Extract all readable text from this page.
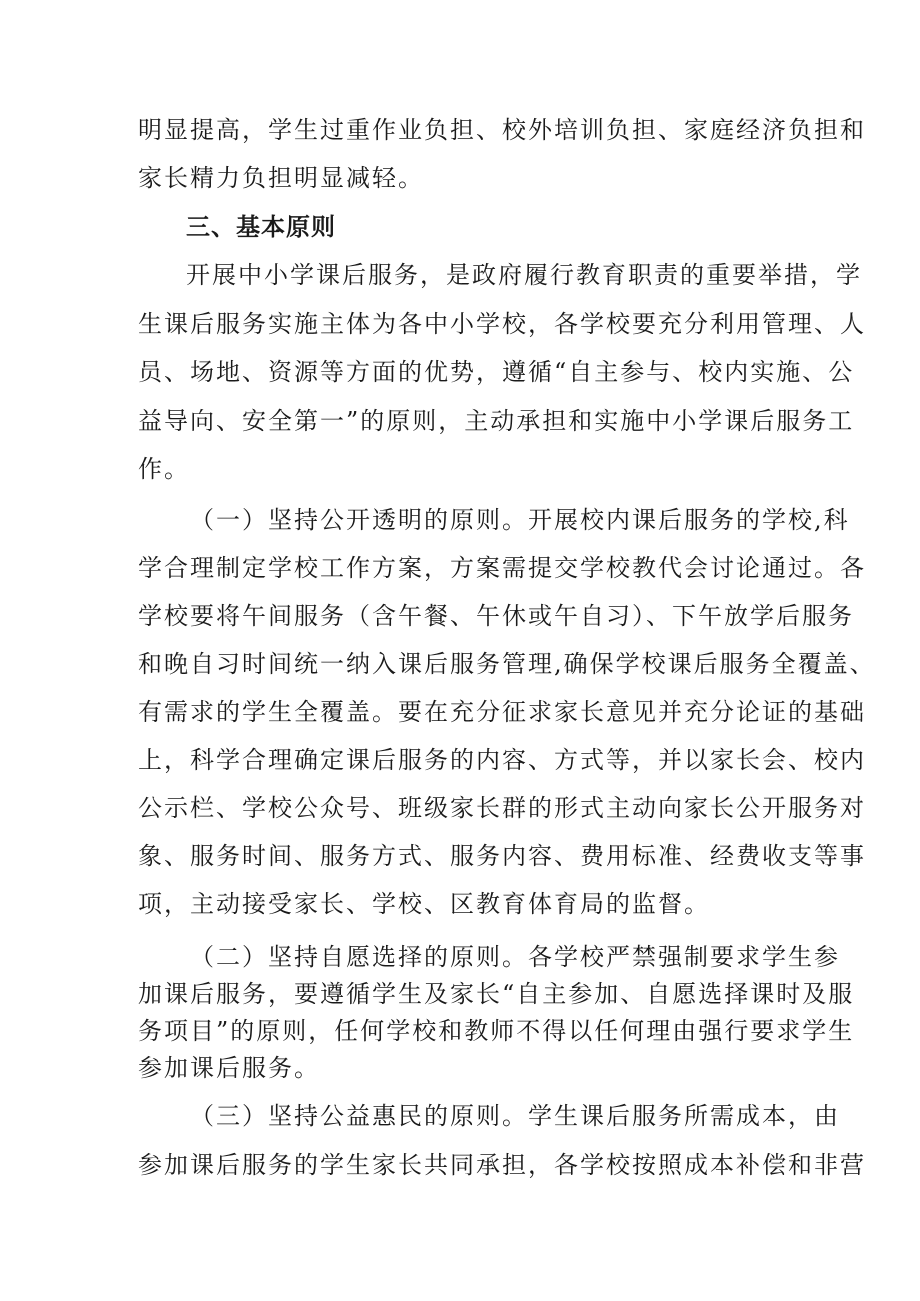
明显提高，学生过重作业负担、校外培训负担、家庭经济负担和

家长精力负担明显减轻。

三、基本原则

开展中小学课后服务，是政府履行教育职责的重要举措，学

生课后服务实施主体为各中小学校，各学校要充分利用管理、人

员、场地、资源等方面的优势，遵循“自主参与、校内实施、公

益导向、安全第一”的原则，主动承担和实施中小学课后服务工

作。

（一）坚持公开透明的原则。开展校内课后服务的学校,科

学合理制定学校工作方案，方案需提交学校教代会讨论通过。各

学校要将午间服务（含午餐、午休或午自习）、下午放学后服务

和晚自习时间统一纳入课后服务管理,确保学校课后服务全覆盖、

有需求的学生全覆盖。要在充分征求家长意见并充分论证的基础

上，科学合理确定课后服务的内容、方式等，并以家长会、校内

公示栏、学校公众号、班级家长群的形式主动向家长公开服务对

象、服务时间、服务方式、服务内容、费用标准、经费收支等事

项，主动接受家长、学校、区教育体育局的监督。

（二）坚持自愿选择的原则。各学校严禁强制要求学生参

加课后服务，要遵循学生及家长“自主参加、自愿选择课时及服

务项目”的原则，任何学校和教师不得以任何理由强行要求学生

参加课后服务。

（三）坚持公益惠民的原则。学生课后服务所需成本，由

参加课后服务的学生家长共同承担，各学校按照成本补偿和非营
